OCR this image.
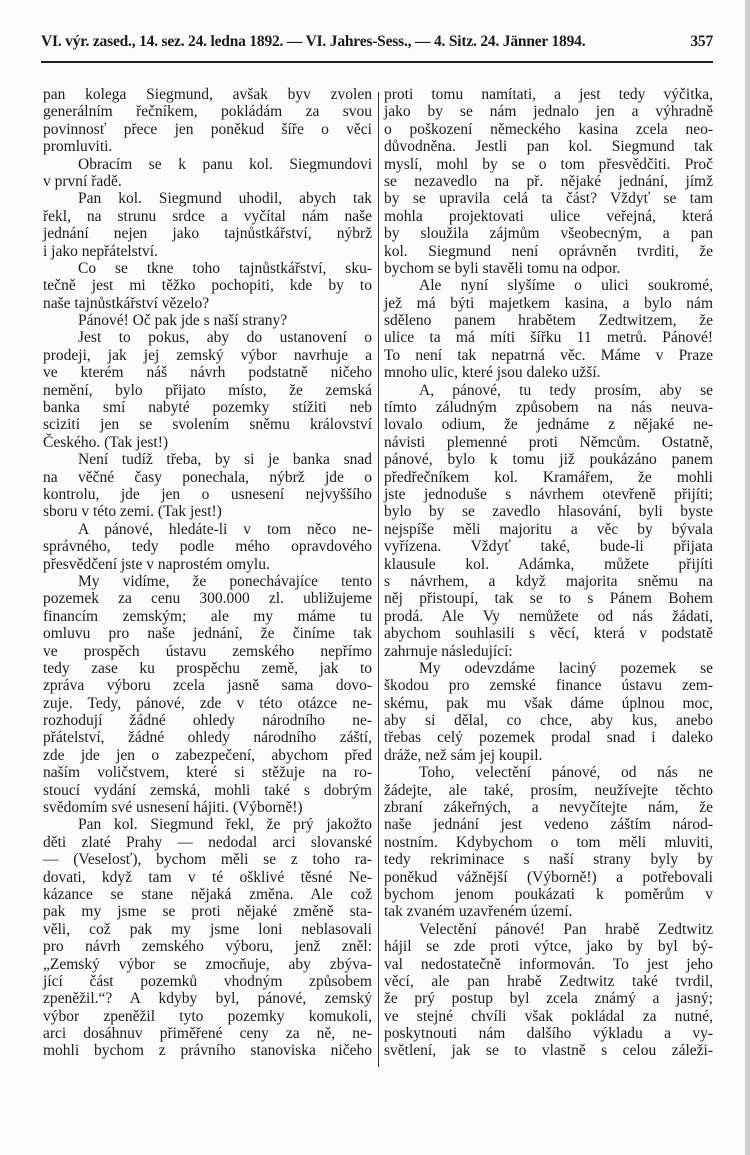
VI. výr. zased., 14. sez. 24. ledna 1892. — VI. Jahres-Sess., — 4. Sitz. 24. Jänner 1894.	357
pan kolega Siegmund, avšak byv zvolen
generálním řečníkem, pokládám za svou
povinnosť přece jen poněkud šíře o věci
promluviti.
Obracím se k panu kol. Siegmundovi
v první řadě.
Pan kol. Siegmund uhodil, abych tak
řekl, na strunu srdce a vyčítal nám naše
jednání nejen jako tajnůstkářství, nýbrž
i jako nepřátelství.
Co se tkne toho tajnůstkářství, sku-
tečně jest mi těžko pochopiti, kde by to
naše tajnůstkářství vězelo?
Pánové! Oč pak jde s naší strany?
Jest to pokus, aby do ustanovení o
prodeji, jak jej zemský výbor navrhuje a
ve kterém náš návrh podstatně ničeho
nemění, bylo přijato místo, že zemská
banka smí nabyté pozemky stížiti neb
sciziti jen se svolením sněmu království
Českého. (Tak jest!)
Není tudíž třeba, by si je banka snad
na věčné časy ponechala, nýbrž jde o
kontrolu, jde jen o usnesení nejvyššího
sboru v této zemi. (Tak jest!)
A pánové, hledáte-li v tom něco ne-
správného, tedy podle mého opravdového
přesvědčení jste v naprostém omylu.
My vidíme, že ponechávajíce tento
pozemek za cenu 300.000 zl. ubližujeme
financím zemským; ale my máme tu
omluvu pro naše jednání, že činíme tak
ve prospěch ústavu zemského nepřímo
tedy zase ku prospěchu země, jak to
zpráva výboru zcela jasně sama dovo-
zuje. Tedy, pánové, zde v této otázce ne-
rozhodují žádné ohledy národního ne-
přátelství, žádné ohledy národního záští,
zde jde jen o zabezpečení, abychom před
naším voličstvem, které si stěžuje na ro-
stoucí vydání zemská, mohli také s dobrým
svědomím své usnesení hájiti. (Výborně!)
Pan kol. Siegmund řekl, že prý jakožto
děti zlaté Prahy — nedodal arci slovanské
— (Veselosť), bychom měli se z toho ra-
dovati, když tam v té ošklivé těsné Ne-
kázance se stane nějaká změna. Ale což
pak my jsme se proti nějaké změně sta-
věli, což pak my jsme loni neblasovali
pro návrh zemského výboru, jenž zněl:
„Zemský výbor se zmocňuje, aby zbýva-
jící část pozemků vhodným způsobem
zpeněžil.“? A kdyby byl, pánové, zemský
výbor zpeněžil tyto pozemky komukoli,
arci dosáhnuv přiměřené ceny za ně, ne-
mohli bychom z právního stanoviska ničeho
proti tomu namítati, a jest tedy výčitka,
jako by se nám jednalo jen a výhradně
o poškození německého kasina zcela neo-
důvodněna. Jestli pan kol. Siegmund tak
myslí, mohl by se o tom přesvědčiti. Proč
se nezavedlo na př. nějaké jednání, jímž
by se upravila celá ta část? Vždyť se tam
mohla projektovati ulice veřejná, která
by sloužila zájmům všeobecným, a pan
kol. Siegmund není oprávněn tvrditi, že
bychom se byli stavěli tomu na odpor.
Ale nyní slyšíme o ulici soukromé,
jež má býti majetkem kasina, a bylo nám
sděleno panem hrabětem Zedtwitzem, že
ulice ta má míti šířku 11 metrů. Pánové!
To není tak nepatrná věc. Máme v Praze
mnoho ulic, které jsou daleko užší.
A, pánové, tu tedy prosím, aby se
tímto záludným způsobem na nás neuva-
lovalo odium, že jednáme z nějaké ne-
návisti plemenné proti Němcům. Ostatně,
pánové, bylo k tomu již poukázáno panem
předřečníkem kol. Kramářem, že mohli
jste jednoduše s návrhem otevřeně přijíti;
bylo by se zavedlo hlasování, byli byste
nejspíše měli majoritu a věc by bývala
vyřízena. Vždyť také, bude-li přijata
klausule kol. Adámka, můžete přijíti
s návrhem, a když majorita sněmu na
něj přistoupí, tak se to s Pánem Bohem
prodá. Ale Vy nemůžete od nás žádati,
abychom souhlasili s věcí, která v podstatě
zahrnuje následující:
My odevzdáme laciný pozemek se
škodou pro zemské finance ústavu zem-
skému, pak mu však dáme úplnou moc,
aby si dělal, co chce, aby kus, anebo
třebas celý pozemek prodal snad i daleko
dráže, než sám jej koupil.
Toho, velectění pánové, od nás ne
žádejte, ale také, prosím, neužívejte těchto
zbraní zákeřných, a nevyčítejte nám, že
naše jednání jest vedeno záštím národ-
nostním. Kdybychom o tom měli mluviti,
tedy rekriminace s naší strany byly by
poněkud vážnější (Výborně!) a potřebovali
bychom jenom poukázati k poměrům v
tak zvaném uzavřeném území.
Velectění pánové! Pan hrabě Zedtwitz
hájil se zde proti výtce, jako by byl bý-
val nedostatečně informován. To jest jeho
věcí, ale pan hrabě Zedtwitz také tvrdil,
že prý postup byl zcela známý a jasný;
ve stejné chvíli však pokládal za nutné,
poskytnouti nám dalšího výkladu a vy-
světlení, jak se to vlastně s celou záleži-
